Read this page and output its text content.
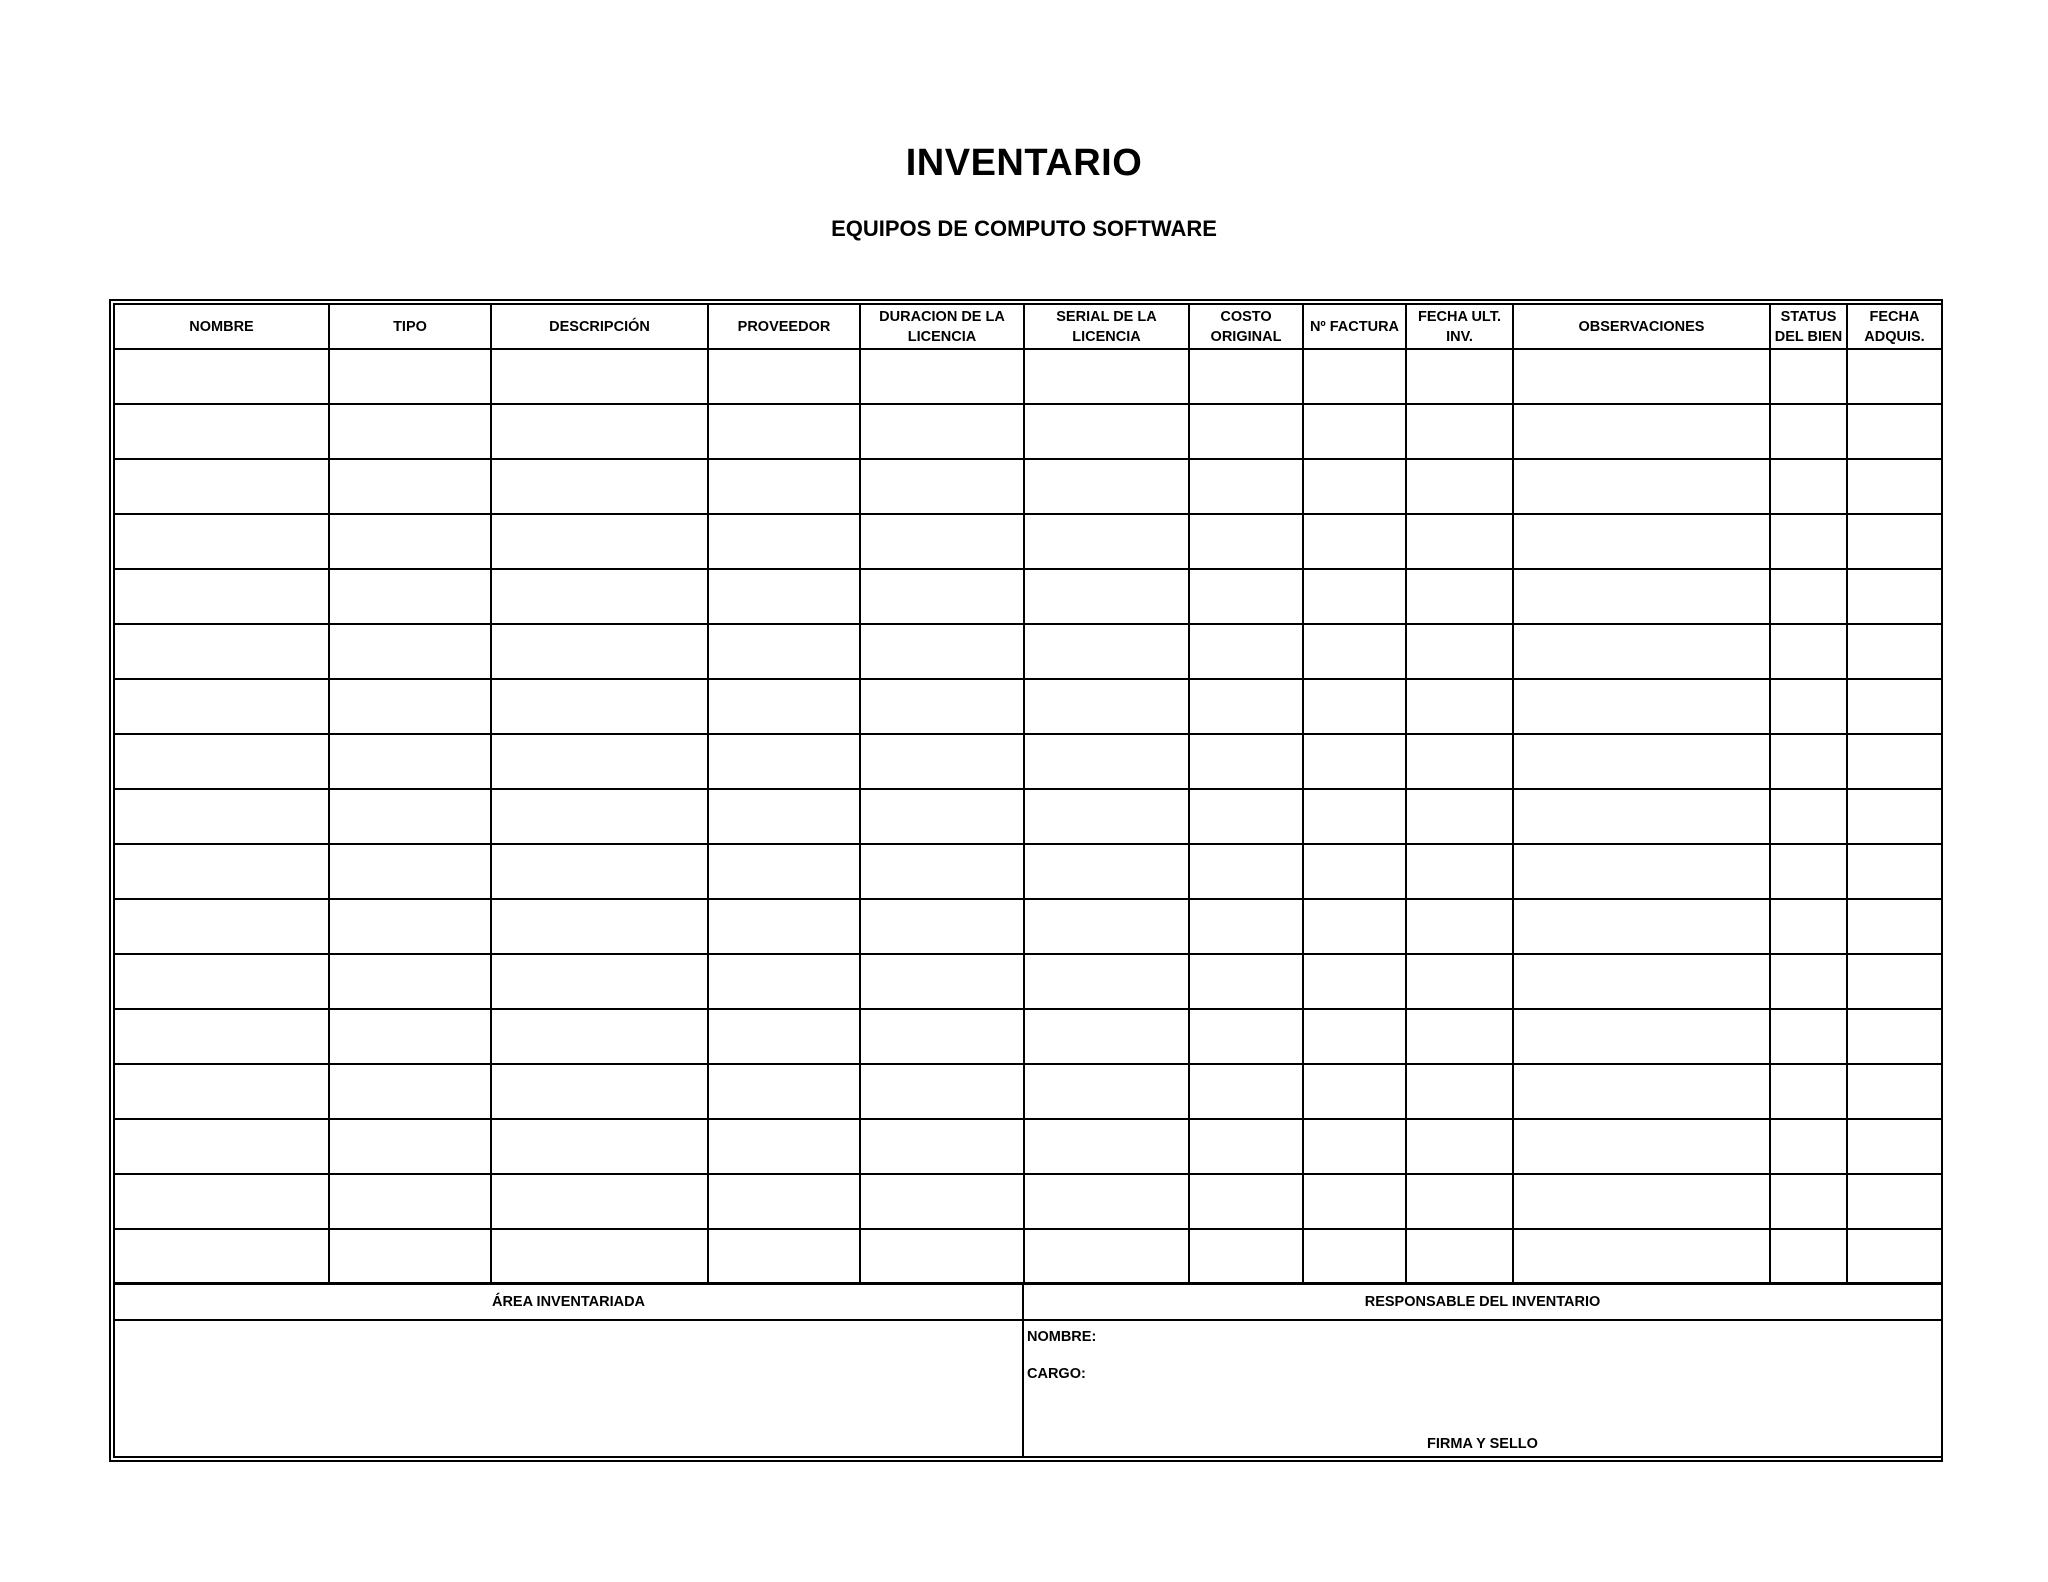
INVENTARIO
EQUIPOS DE COMPUTO SOFTWARE
NOMBRE	TIPO	DESCRIPCIÓN	PROVEEDOR	DURACION DE LA LICENCIA	SERIAL DE LA LICENCIA	COSTO ORIGINAL	Nº FACTURA	FECHA ULT. INV.	OBSERVACIONES	STATUS DEL BIEN	FECHA ADQUIS.

ÁREA INVENTARIADA	RESPONSABLE DEL INVENTARIO

	NOMBRE:
CARGO:
FIRMA Y SELLO
